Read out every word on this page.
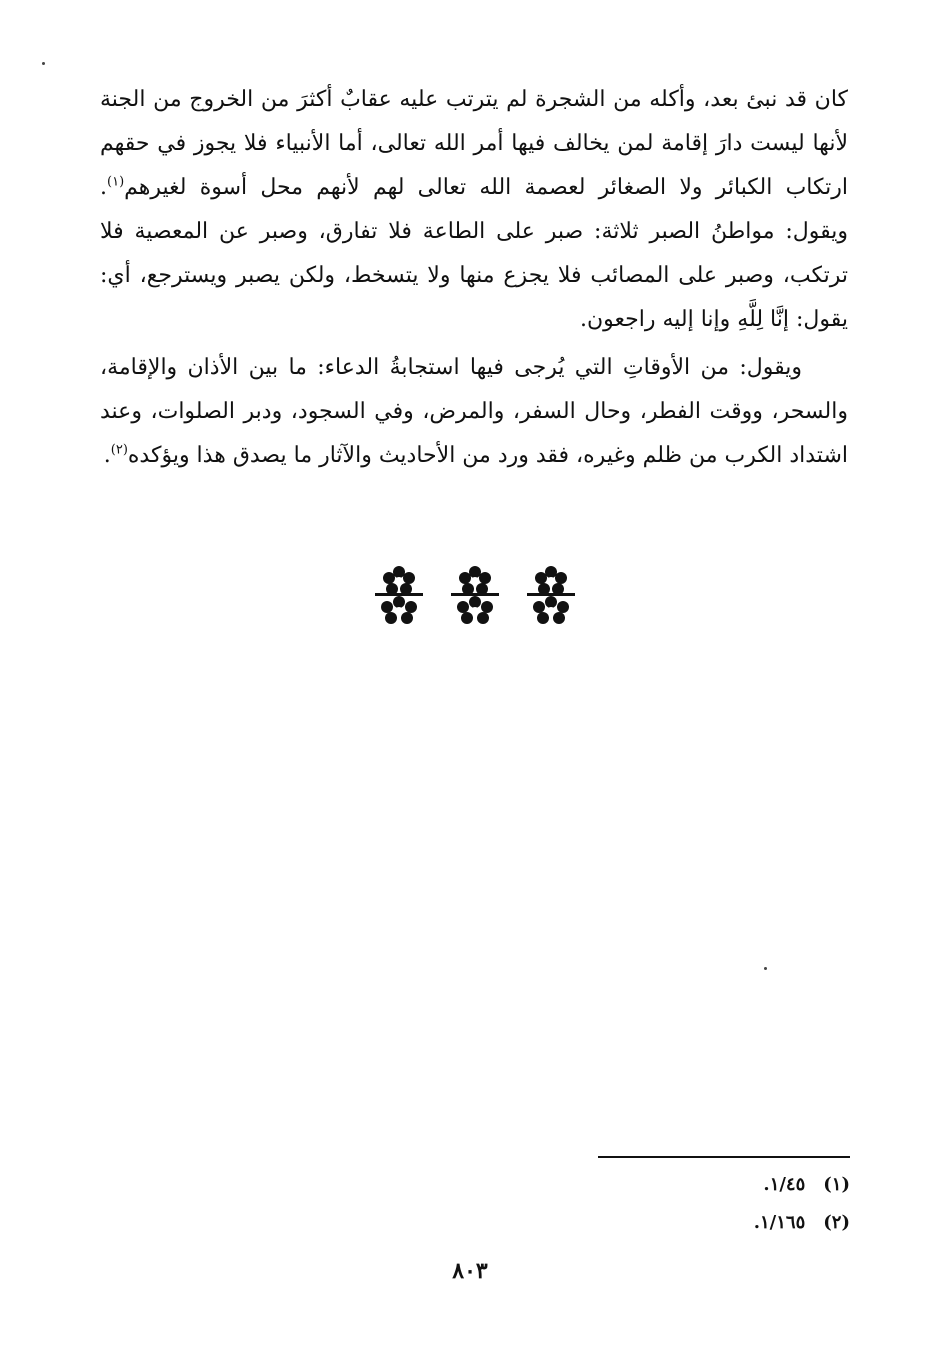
كان قد نبئ بعد، وأكله من الشجرة لم يترتب عليه عقابٌ أكثرَ من الخروج من الجنة لأنها ليست دارَ إقامة لمن يخالف فيها أمر الله تعالى، أما الأنبياء فلا يجوز في حقهم ارتكاب الكبائر ولا الصغائر لعصمة الله تعالى لهم لأنهم محل أسوة لغيرهم$^{(١)}$. ويقول: مواطنُ الصبر ثلاثة: صبر على الطاعة فلا تفارق، وصبر عن المعصية فلا ترتكب، وصبر على المصائب فلا يجزع منها ولا يتسخط، ولكن يصبر ويسترجع، أي: يقول: إنَّا لِلَّهِ وإنا إليه راجعون.

ويقول: من الأوقاتِ التي يُرجى فيها استجابةُ الدعاء: ما بين الأذان والإقامة، والسحر، ووقت الفطر، وحال السفر، والمرض، وفي السجود، ودبر الصلوات، وعند اشتداد الكرب من ظلم وغيره، فقد ورد من الأحاديث والآثار ما يصدق هذا ويؤكده$^{(٢)}$.

(١)١/٤٥.

(٢)١/١٦٥.

٨٠٣
